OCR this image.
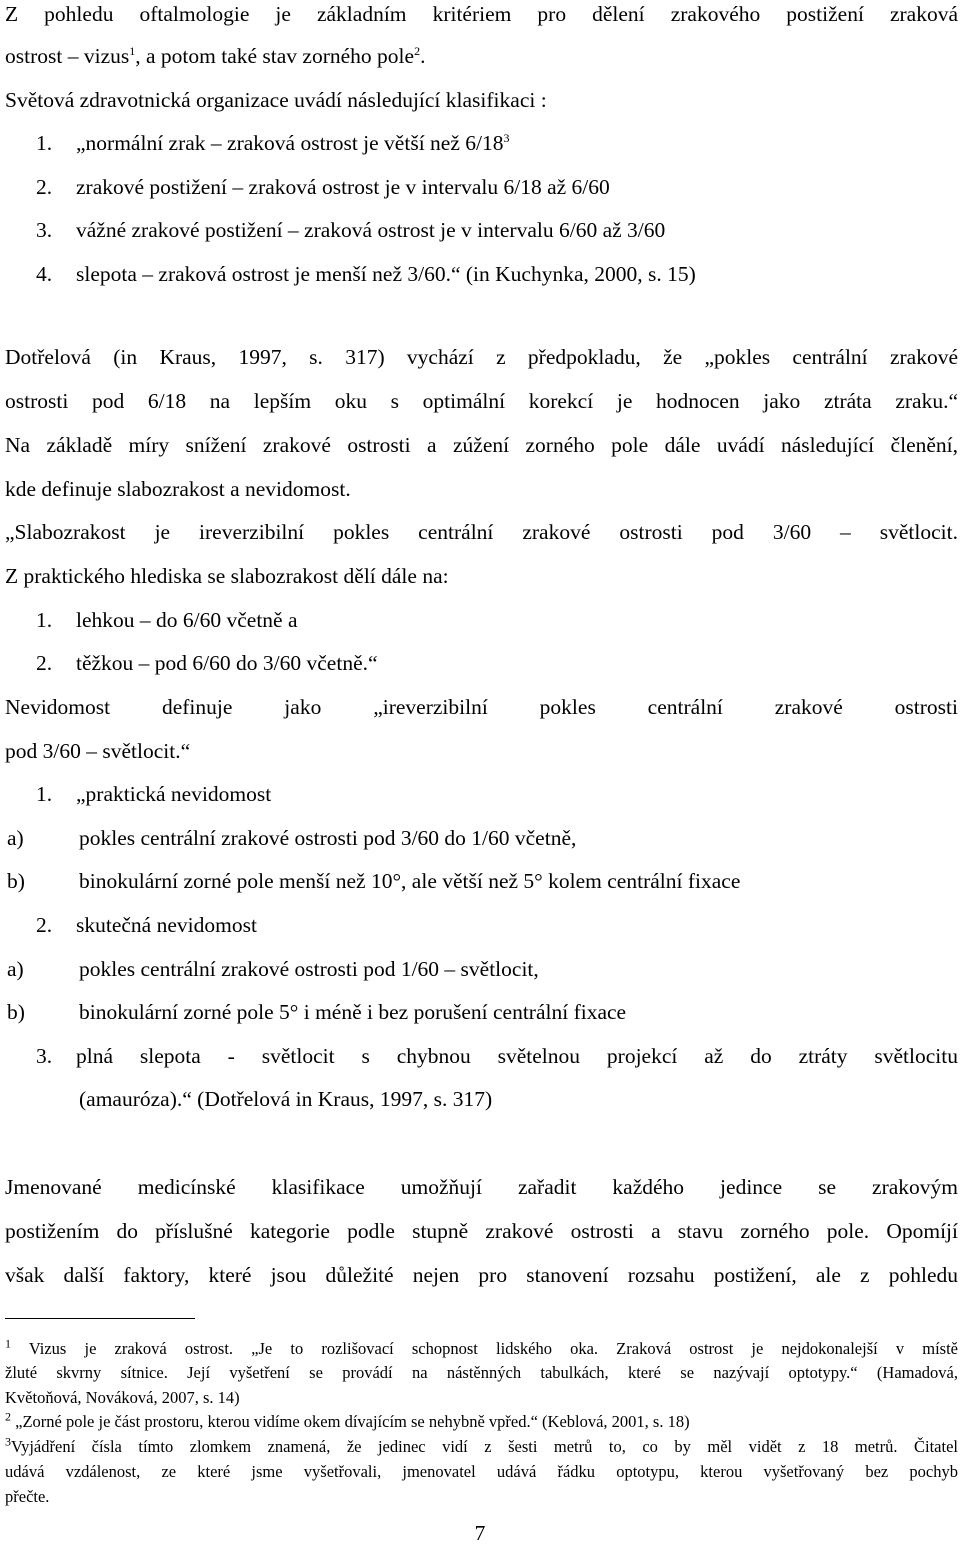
Z pohledu oftalmologie je základním kritériem pro dělení zrakového postižení zraková
ostrost – vizus$^1$, a potom také stav zorného pole$^2$.
Světová zdravotnická organizace uvádí následující klasifikaci :
1. „normální zrak – zraková ostrost je větší než $6/18^3$
2. zrakové postižení – zraková ostrost je v intervalu 6/18 až 6/60
3. vážné zrakové postižení – zraková ostrost je v intervalu 6/60 až 3/60
4. slepota – zraková ostrost je menší než 3/60.“ (in Kuchynka, 2000, s. 15)
Dotřelová (in Kraus, 1997, s. 317) vychází z předpokladu, že „pokles centrální zrakové
ostrosti pod 6/18 na lepším oku s optimální korekcí je hodnocen jako ztráta zraku.“
Na základě míry snížení zrakové ostrosti a zúžení zorného pole dále uvádí následující členění,
kde definuje slabozrakost a nevidomost.
„Slabozrakost je ireverzibilní pokles centrální zrakové ostrosti pod 3/60 – světlocit.
Z praktického hlediska se slabozrakost dělí dále na:
1. lehkou – do 6/60 včetně a
2. těžkou – pod 6/60 do 3/60 včetně.“
Nevidomost definuje jako „ireverzibilní pokles centrální zrakové ostrosti
pod 3/60 – světlocit.“
1. „praktická nevidomost
a)	pokles centrální zrakové ostrosti pod 3/60 do 1/60 včetně,
b)	binokulární zorné pole menší než 10°, ale větší než 5° kolem centrální fixace
2. skutečná nevidomost
a)	pokles centrální zrakové ostrosti pod 1/60 – světlocit,
b)	binokulární zorné pole 5° i méně i bez porušení centrální fixace
3. plná slepota - světlocit s chybnou světelnou projekcí až do ztráty světlocitu
(amauróza).“ (Dotřelová in Kraus, 1997, s. 317)
Jmenované medicínské klasifikace umožňují zařadit každého jedince se zrakovým
postižením do příslušné kategorie podle stupně zrakové ostrosti a stavu zorného pole. Opomíjí
však další faktory, které jsou důležité nejen pro stanovení rozsahu postižení, ale z pohledu
$^1$ Vizus je zraková ostrost. „Je to rozlišovací schopnost lidského oka. Zraková ostrost je nejdokonalejší v místě
žluté skvrny sítnice. Její vyšetření se provádí na nástěnných tabulkách, které se nazývají optotypy.“ (Hamadová,
Květoňová, Nováková, 2007, s. 14)
$^2$ „Zorné pole je část prostoru, kterou vidíme okem dívajícím se nehybně vpřed.“ (Keblová, 2001, s. 18)
$^3$Vyjádření čísla tímto zlomkem znamená, že jedinec vidí z šesti metrů to, co by měl vidět z 18 metrů. Čitatel
udává vzdálenost, ze které jsme vyšetřovali, jmenovatel udává řádku optotypu, kterou vyšetřovaný bez pochyb
přečte.
7
